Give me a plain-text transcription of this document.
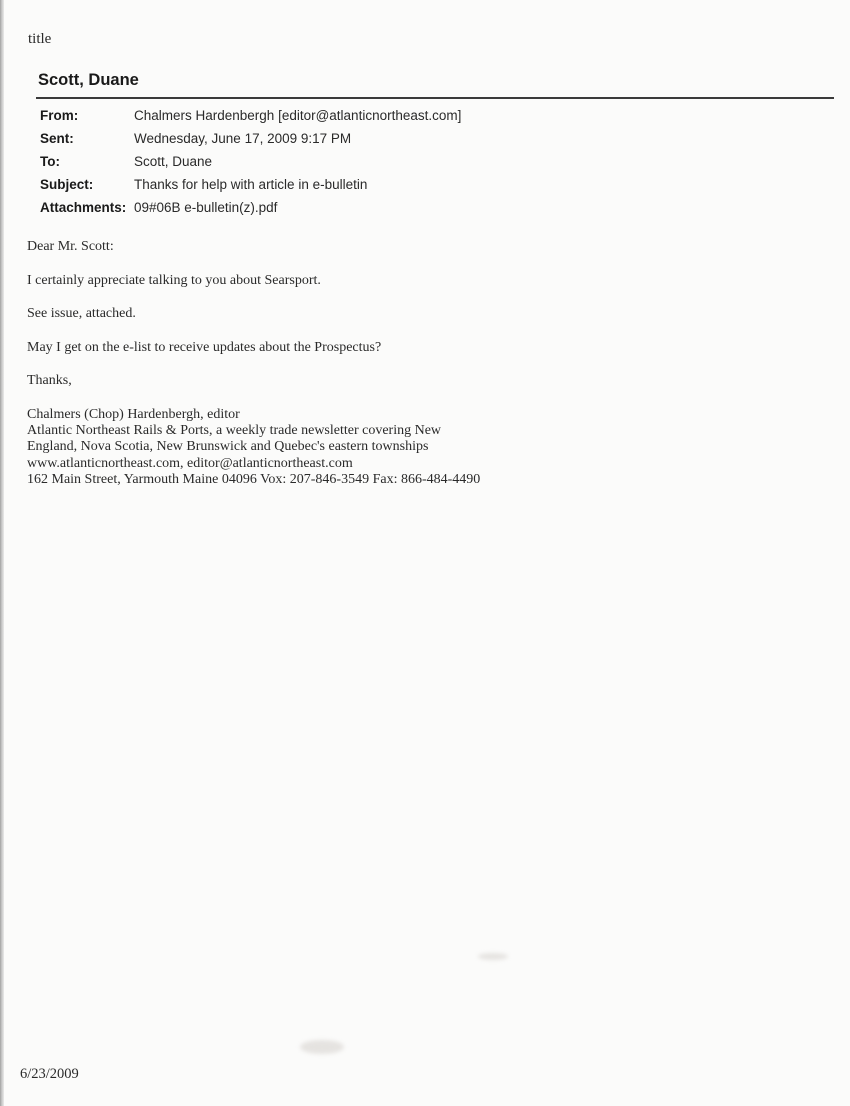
title
Scott, Duane
From:	Chalmers Hardenbergh [editor@atlanticnortheast.com]
Sent:	Wednesday, June 17, 2009 9:17 PM
To:	Scott, Duane
Subject:	Thanks for help with article in e-bulletin
Attachments:	09#06B e-bulletin(z).pdf
Dear Mr. Scott:
I certainly appreciate talking to you about Searsport.
See issue, attached.
May I get on the e-list to receive updates about the Prospectus?
Thanks,
Chalmers (Chop) Hardenbergh, editor
Atlantic Northeast Rails & Ports, a weekly trade newsletter covering New
England, Nova Scotia, New Brunswick and Quebec's eastern townships
www.atlanticnortheast.com, editor@atlanticnortheast.com
162 Main Street, Yarmouth Maine 04096 Vox: 207-846-3549 Fax: 866-484-4490
6/23/2009
